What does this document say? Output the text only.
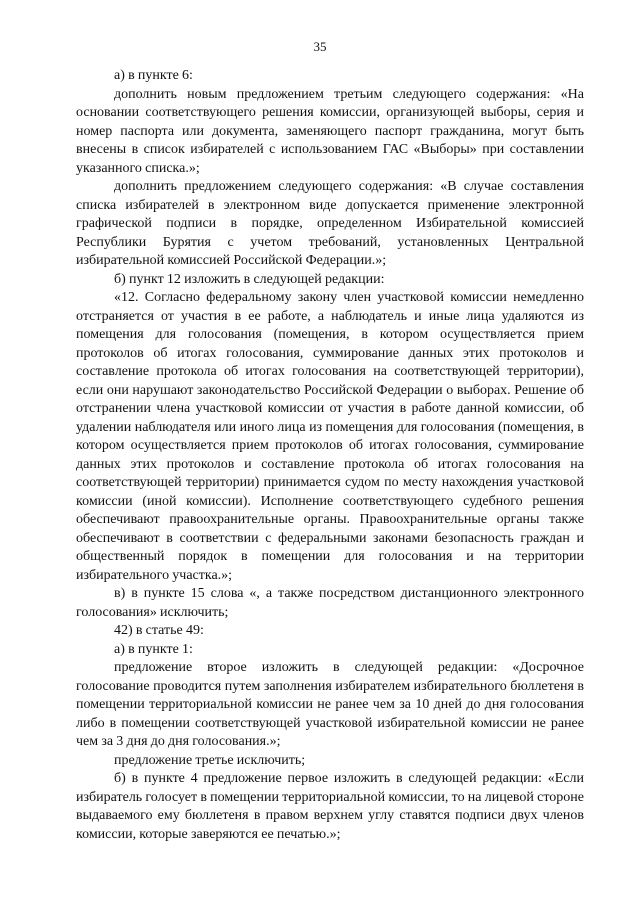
35

а) в пункте 6:

дополнить новым предложением третьим следующего содержания: «На основании соответствующего решения комиссии, организующей выборы, серия и номер паспорта или документа, заменяющего паспорт гражданина, могут быть внесены в список избирателей с использованием ГАС «Выборы» при составлении указанного списка.»;

дополнить предложением следующего содержания: «В случае составления списка избирателей в электронном виде допускается применение электронной графической подписи в порядке, определенном Избирательной комиссией Республики Бурятия с учетом требований, установленных Центральной избирательной комиссией Российской Федерации.»;

б) пункт 12 изложить в следующей редакции:

«12. Согласно федеральному закону член участковой комиссии немедленно отстраняется от участия в ее работе, а наблюдатель и иные лица удаляются из помещения для голосования (помещения, в котором осуществляется прием протоколов об итогах голосования, суммирование данных этих протоколов и составление протокола об итогах голосования на соответствующей территории), если они нарушают законодательство Российской Федерации о выборах. Решение об отстранении члена участковой комиссии от участия в работе данной комиссии, об удалении наблюдателя или иного лица из помещения для голосования (помещения, в котором осуществляется прием протоколов об итогах голосования, суммирование данных этих протоколов и составление протокола об итогах голосования на соответствующей территории) принимается судом по месту нахождения участковой комиссии (иной комиссии). Исполнение соответствующего судебного решения обеспечивают правоохранительные органы. Правоохранительные органы также обеспечивают в соответствии с федеральными законами безопасность граждан и общественный порядок в помещении для голосования и на территории избирательного участка.»;

в) в пункте 15 слова «, а также посредством дистанционного электронного голосования» исключить;

42) в статье 49:

а) в пункте 1:

предложение второе изложить в следующей редакции: «Досрочное голосование проводится путем заполнения избирателем избирательного бюллетеня в помещении территориальной комиссии не ранее чем за 10 дней до дня голосования либо в помещении соответствующей участковой избирательной комиссии не ранее чем за 3 дня до дня голосования.»;

предложение третье исключить;

б) в пункте 4 предложение первое изложить в следующей редакции: «Если избиратель голосует в помещении территориальной комиссии, то на лицевой стороне выдаваемого ему бюллетеня в правом верхнем углу ставятся подписи двух членов комиссии, которые заверяются ее печатью.»;
